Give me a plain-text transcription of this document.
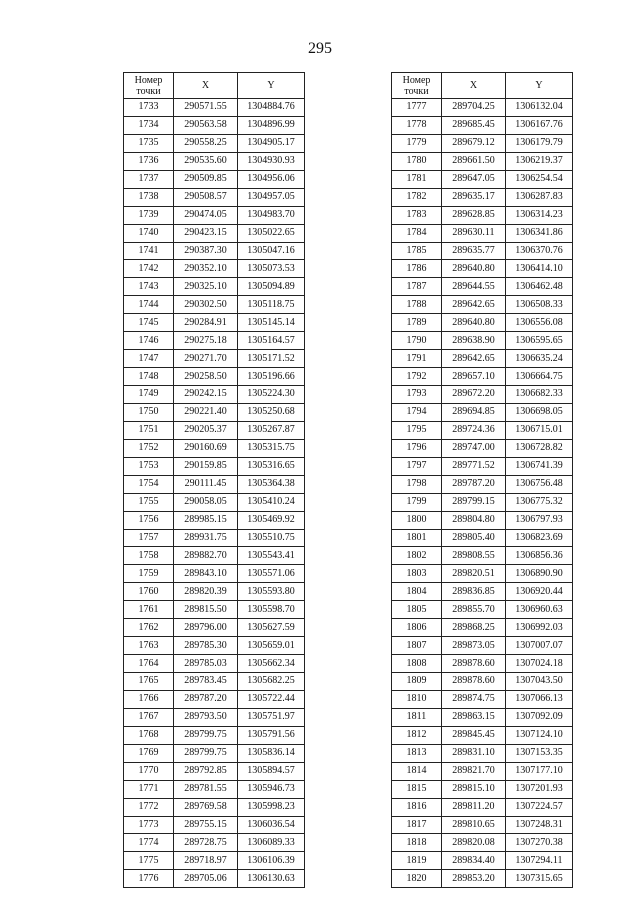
295
Номер
точки	X	Y
1733	290571.55	1304884.76
1734	290563.58	1304896.99
1735	290558.25	1304905.17
1736	290535.60	1304930.93
1737	290509.85	1304956.06
1738	290508.57	1304957.05
1739	290474.05	1304983.70
1740	290423.15	1305022.65
1741	290387.30	1305047.16
1742	290352.10	1305073.53
1743	290325.10	1305094.89
1744	290302.50	1305118.75
1745	290284.91	1305145.14
1746	290275.18	1305164.57
1747	290271.70	1305171.52
1748	290258.50	1305196.66
1749	290242.15	1305224.30
1750	290221.40	1305250.68
1751	290205.37	1305267.87
1752	290160.69	1305315.75
1753	290159.85	1305316.65
1754	290111.45	1305364.38
1755	290058.05	1305410.24
1756	289985.15	1305469.92
1757	289931.75	1305510.75
1758	289882.70	1305543.41
1759	289843.10	1305571.06
1760	289820.39	1305593.80
1761	289815.50	1305598.70
1762	289796.00	1305627.59
1763	289785.30	1305659.01
1764	289785.03	1305662.34
1765	289783.45	1305682.25
1766	289787.20	1305722.44
1767	289793.50	1305751.97
1768	289799.75	1305791.56
1769	289799.75	1305836.14
1770	289792.85	1305894.57
1771	289781.55	1305946.73
1772	289769.58	1305998.23
1773	289755.15	1306036.54
1774	289728.75	1306089.33
1775	289718.97	1306106.39
1776	289705.06	1306130.63
Номер
точки	X	Y
1777	289704.25	1306132.04
1778	289685.45	1306167.76
1779	289679.12	1306179.79
1780	289661.50	1306219.37
1781	289647.05	1306254.54
1782	289635.17	1306287.83
1783	289628.85	1306314.23
1784	289630.11	1306341.86
1785	289635.77	1306370.76
1786	289640.80	1306414.10
1787	289644.55	1306462.48
1788	289642.65	1306508.33
1789	289640.80	1306556.08
1790	289638.90	1306595.65
1791	289642.65	1306635.24
1792	289657.10	1306664.75
1793	289672.20	1306682.33
1794	289694.85	1306698.05
1795	289724.36	1306715.01
1796	289747.00	1306728.82
1797	289771.52	1306741.39
1798	289787.20	1306756.48
1799	289799.15	1306775.32
1800	289804.80	1306797.93
1801	289805.40	1306823.69
1802	289808.55	1306856.36
1803	289820.51	1306890.90
1804	289836.85	1306920.44
1805	289855.70	1306960.63
1806	289868.25	1306992.03
1807	289873.05	1307007.07
1808	289878.60	1307024.18
1809	289878.60	1307043.50
1810	289874.75	1307066.13
1811	289863.15	1307092.09
1812	289845.45	1307124.10
1813	289831.10	1307153.35
1814	289821.70	1307177.10
1815	289815.10	1307201.93
1816	289811.20	1307224.57
1817	289810.65	1307248.31
1818	289820.08	1307270.38
1819	289834.40	1307294.11
1820	289853.20	1307315.65
